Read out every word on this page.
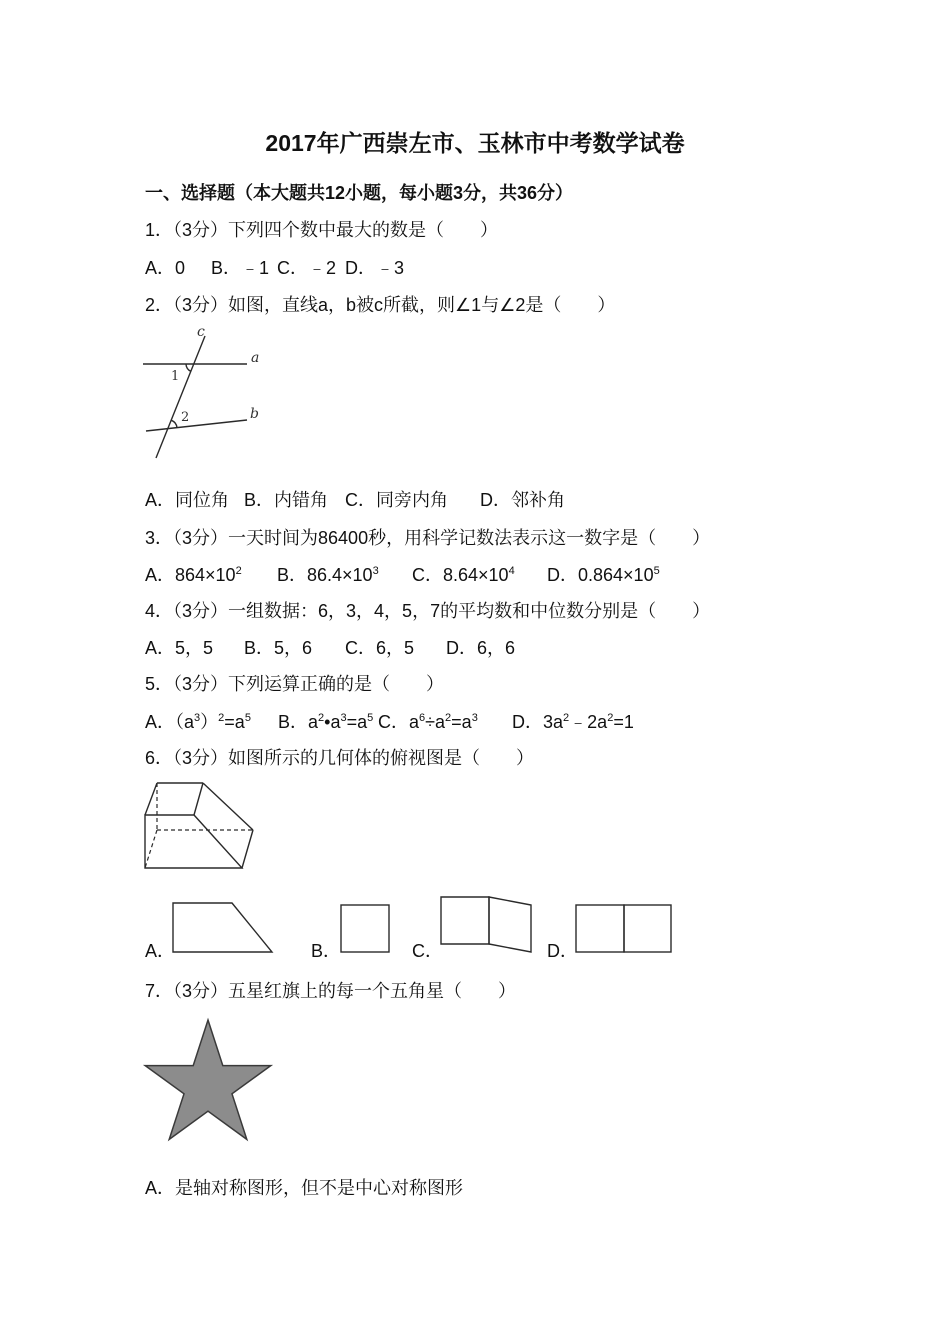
2017年广西崇左市、玉林市中考数学试卷
一、选择题（本大题共12小题，每小题3分，共36分）
1．（3分）下列四个数中最大的数是（　　）
A．0 B．﹣1 C．﹣2 D．﹣3
2．（3分）如图，直线a，b被c所截，则∠1与∠2是（　　）
a
b
c
1
2
A．同位角 B．内错角 C．同旁内角 D．邻补角
3．（3分）一天时间为86400秒，用科学记数法表示这一数字是（　　）
A．$864\times 10^2$ B．$86.4\times 10^3$ C．$8.64\times 10^4$ D．$0.864\times 10^5$
4．（3分）一组数据：6，3，4，5，7的平均数和中位数分别是（　　）
A．5，5 B．5，6 C．6，5 D．6，6
5．（3分）下列运算正确的是（　　）
A．$(a^3)^2=a^5$ B．$a^2•a^3=a^5$ C．$a^6\div a^2=a^3$ D．$3a^2﹣2a^2=1$
6．（3分）如图所示的几何体的俯视图是（　　）
A．	B．	C．	D．
7．（3分）五星红旗上的每一个五角星（　　）
A．是轴对称图形，但不是中心对称图形
